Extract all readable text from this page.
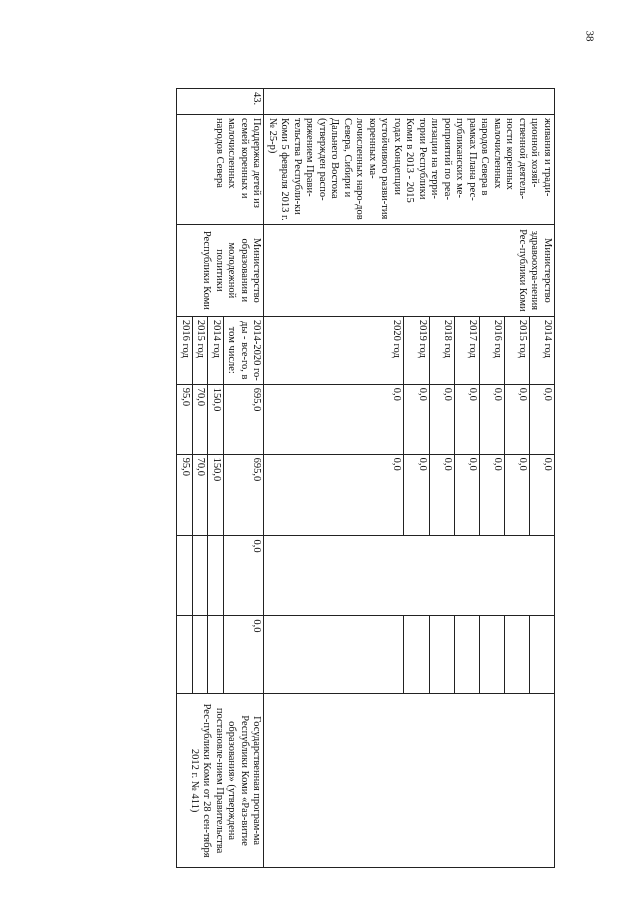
38
	живания и тради-ционной хозяй-ственной деятель-ности коренных малочисленных народов Севера в рамках Плана рес-публиканских ме-роприятий по реа-лизации на терри-тории Республики Коми в 2013 - 2015 годах Концепции устойчивого разви-тия коренных ма-лочисленных наро-дов Севера, Сибири и Дальнего Востока (утвержден распо-ряжением Прави-тельства Республи-ки Коми 5 февраля 2013 г. № 25-р)	Министерство здравоохра-нения Рес-публики Коми	2014 год	0,0	0,0			
			2015 год	0,0	0,0			
			2016 год	0,0	0,0			
			2017 год	0,0	0,0			
			2018 год	0,0	0,0			
			2019 год	0,0	0,0			
			2020 год	0,0	0,0			
43.	Поддержка детей из семей коренных и малочисленных народов Севера	Министерство образования и молодежной политики Республики Коми	2014-2020 го-ды - все-го, в том числе:	695,0	695,0	0,0	0,0	Государственная програм-ма Республики Коми «Раз-витие образования» (утверждена постановле-нием Правительства Рес-публики Коми от 28 сен-тября 2012 г. № 411)
			2014 год	150,0	150,0			
			2015 год	70,0	70,0			
			2016 год	95,0	95,0			
